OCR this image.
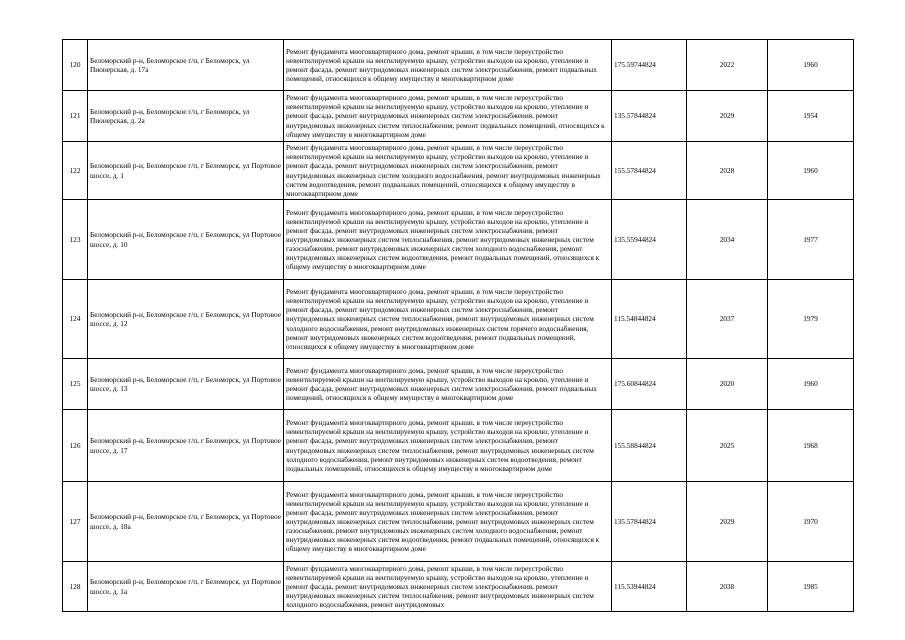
120	Беломорский р-н, Беломорское г/п, г Беломорск, ул Пионерская, д. 17а	Ремонт фундамента многоквартирного дома, ремонт крыши, в том числе переустройство невентилируемой крыши на вентилируемую крышу, устройство выходов на кровлю, утепление и ремонт фасада, ремонт внутридомовых инженерных систем электроснабжения, ремонт подвальных помещений, относящихся к общему имуществу в многоквартирном доме	175.59744824	2022	1960
121	Беломорский р-н, Беломорское г/п, г Беломорск, ул Пионерская, д. 2а	Ремонт фундамента многоквартирного дома, ремонт крыши, в том числе переустройство невентилируемой крыши на вентилируемую крышу, устройство выходов на кровлю, утепление и ремонт фасада, ремонт внутридомовых инженерных систем электроснабжения, ремонт внутридомовых инженерных систем теплоснабжения, ремонт подвальных помещений, относящихся к общему имуществу в многоквартирном доме	135.57844824	2029	1954
122	Беломорский р-н, Беломорское г/п, г Беломорск, ул Портовое шоссе, д. 1	Ремонт фундамента многоквартирного дома, ремонт крыши, в том числе переустройство невентилируемой крыши на вентилируемую крышу, устройство выходов на кровлю, утепление и ремонт фасада, ремонт внутридомовых инженерных систем электроснабжения, ремонт внутридомовых инженерных систем холодного водоснабжения, ремонт внутридомовых инженерных систем водоотведения, ремонт подвальных помещений, относящихся к общему имуществу в многоквартирном доме	155.57844824	2028	1960
123	Беломорский р-н, Беломорское г/п, г Беломорск, ул Портовое шоссе, д. 10	Ремонт фундамента многоквартирного дома, ремонт крыши, в том числе переустройство невентилируемой крыши на вентилируемую крышу, устройство выходов на кровлю, утепление и ремонт фасада, ремонт внутридомовых инженерных систем электроснабжения, ремонт внутридомовых инженерных систем теплоснабжения, ремонт внутридомовых инженерных систем газоснабжения, ремонт внутридомовых инженерных систем холодного водоснабжения, ремонт внутридомовых инженерных систем водоотведения, ремонт подвальных помещений, относящихся к общему имуществу в многоквартирном доме	135.55944824	2034	1977
124	Беломорский р-н, Беломорское г/п, г Беломорск, ул Портовое шоссе, д. 12	Ремонт фундамента многоквартирного дома, ремонт крыши, в том числе переустройство невентилируемой крыши на вентилируемую крышу, устройство выходов на кровлю, утепление и ремонт фасада, ремонт внутридомовых инженерных систем электроснабжения, ремонт внутридомовых инженерных систем теплоснабжения, ремонт внутридомовых инженерных систем холодного водоснабжения, ремонт внутридомовых инженерных систем горячего водоснабжения, ремонт внутридомовых инженерных систем водоотведения, ремонт подвальных помещений, относящихся к общему имуществу в многоквартирном доме	115.54844824	2037	1979
125	Беломорский р-н, Беломорское г/п, г Беломорск, ул Портовое шоссе, д. 13	Ремонт фундамента многоквартирного дома, ремонт крыши, в том числе переустройство невентилируемой крыши на вентилируемую крышу, устройство выходов на кровлю, утепление и ремонт фасада, ремонт внутридомовых инженерных систем электроснабжения, ремонт подвальных помещений, относящихся к общему имуществу в многоквартирном доме	175.60844824	2020	1960
126	Беломорский р-н, Беломорское г/п, г Беломорск, ул Портовое шоссе, д. 17	Ремонт фундамента многоквартирного дома, ремонт крыши, в том числе переустройство невентилируемой крыши на вентилируемую крышу, устройство выходов на кровлю, утепление и ремонт фасада, ремонт внутридомовых инженерных систем электроснабжения, ремонт внутридомовых инженерных систем теплоснабжения, ремонт внутридомовых инженерных систем холодного водоснабжения, ремонт внутридомовых инженерных систем водоотведения, ремонт подвальных помещений, относящихся к общему имуществу в многоквартирном доме	155.58844824	2025	1968
127	Беломорский р-н, Беломорское г/п, г Беломорск, ул Портовое шоссе, д. 18а	Ремонт фундамента многоквартирного дома, ремонт крыши, в том числе переустройство невентилируемой крыши на вентилируемую крышу, устройство выходов на кровлю, утепление и ремонт фасада, ремонт внутридомовых инженерных систем электроснабжения, ремонт внутридомовых инженерных систем теплоснабжения, ремонт внутридомовых инженерных систем газоснабжения, ремонт внутридомовых инженерных систем холодного водоснабжения, ремонт внутридомовых инженерных систем водоотведения, ремонт подвальных помещений, относящихся к общему имуществу в многоквартирном доме	135.57844824	2029	1970
128	Беломорский р-н, Беломорское г/п, г Беломорск, ул Портовое шоссе, д. 1а	Ремонт фундамента многоквартирного дома, ремонт крыши, в том числе переустройство невентилируемой крыши на вентилируемую крышу, устройство выходов на кровлю, утепление и ремонт фасада, ремонт внутридомовых инженерных систем электроснабжения, ремонт внутридомовых инженерных систем теплоснабжения, ремонт внутридомовых инженерных систем холодного водоснабжения, ремонт внутридомовых	115.53944824	2038	1985
